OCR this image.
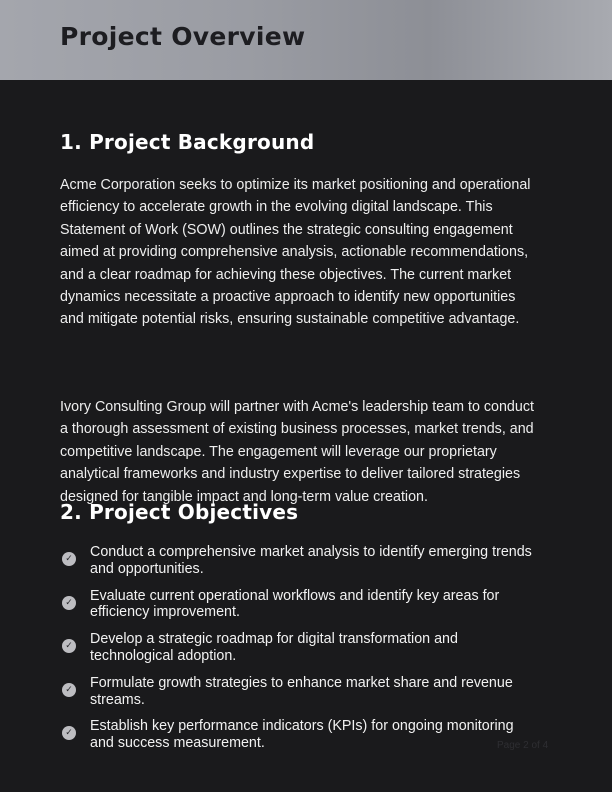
Project Overview
1. Project Background

Acme Corporation seeks to optimize its market positioning and operational efficiency to accelerate growth in the evolving digital landscape. This Statement of Work (SOW) outlines the strategic consulting engagement aimed at providing comprehensive analysis, actionable recommendations, and a clear roadmap for achieving these objectives. The current market dynamics necessitate a proactive approach to identify new opportunities and mitigate potential risks, ensuring sustainable competitive advantage.

Ivory Consulting Group will partner with Acme's leadership team to conduct a thorough assessment of existing business processes, market trends, and competitive landscape. The engagement will leverage our proprietary analytical frameworks and industry expertise to deliver tailored strategies designed for tangible impact and long-term value creation.

2. Project Objectives
✓ Conduct a comprehensive market analysis to identify emerging trends and opportunities.
✓ Evaluate current operational workflows and identify key areas for efficiency improvement.
✓ Develop a strategic roadmap for digital transformation and technological adoption.
✓ Formulate growth strategies to enhance market share and revenue streams.
✓ Establish key performance indicators (KPIs) for ongoing monitoring and success measurement.	Page 2 of 4
